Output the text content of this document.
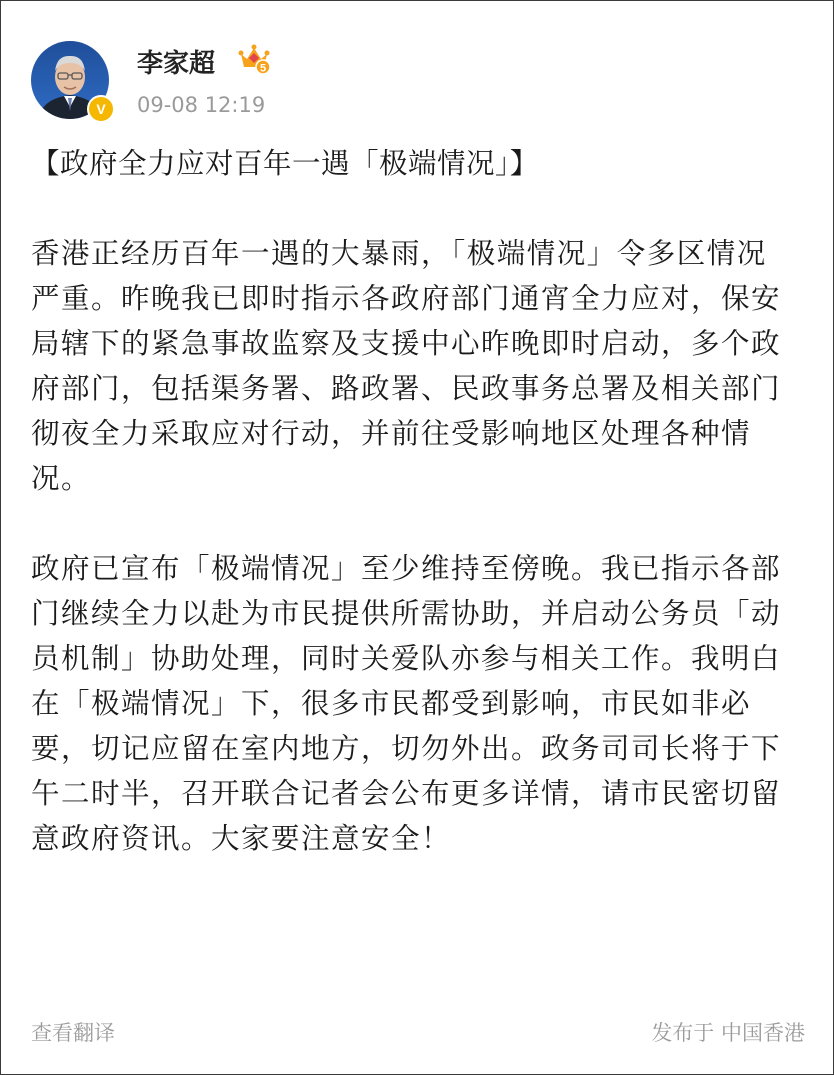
V
李家超	5
09-08 12:19

【政府全力应对百年一遇「极端情况」】

香港正经历百年一遇的大暴雨，「极端情况」令多区情况严重。昨晚我已即时指示各政府部门通宵全力应对，保安局辖下的紧急事故监察及支援中心昨晚即时启动，多个政府部门，包括渠务署、路政署、民政事务总署及相关部门彻夜全力采取应对行动，并前往受影响地区处理各种情况。

政府已宣布「极端情况」至少维持至傍晚。我已指示各部门继续全力以赴为市民提供所需协助，并启动公务员「动员机制」协助处理，同时关爱队亦参与相关工作。我明白在「极端情况」下，很多市民都受到影响，市民如非必要，切记应留在室内地方，切勿外出。政务司司长将于下午二时半，召开联合记者会公布更多详情，请市民密切留意政府资讯。大家要注意安全！

查看翻译	发布于 中国香港
